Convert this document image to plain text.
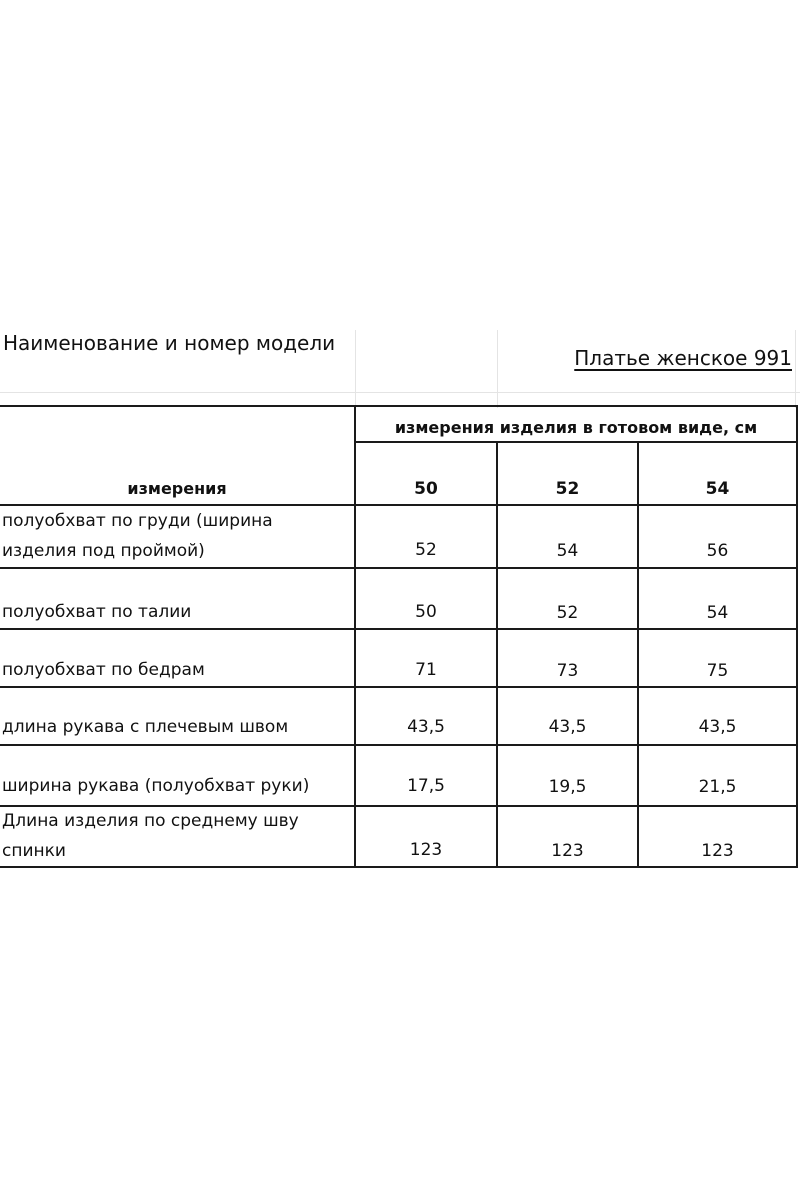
Наименование и номер модели
Платье женское 991
измерения изделия в готовом виде, см
измерения	50	52	54
полуобхват по груди (ширина изделия под проймой)	52	54	56
полуобхват по талии	50	52	54
полуобхват по бедрам	71	73	75
длина рукава с плечевым швом	43,5	43,5	43,5
ширина рукава (полуобхват руки)	17,5	19,5	21,5
Длина изделия по среднему шву спинки	123	123	123
